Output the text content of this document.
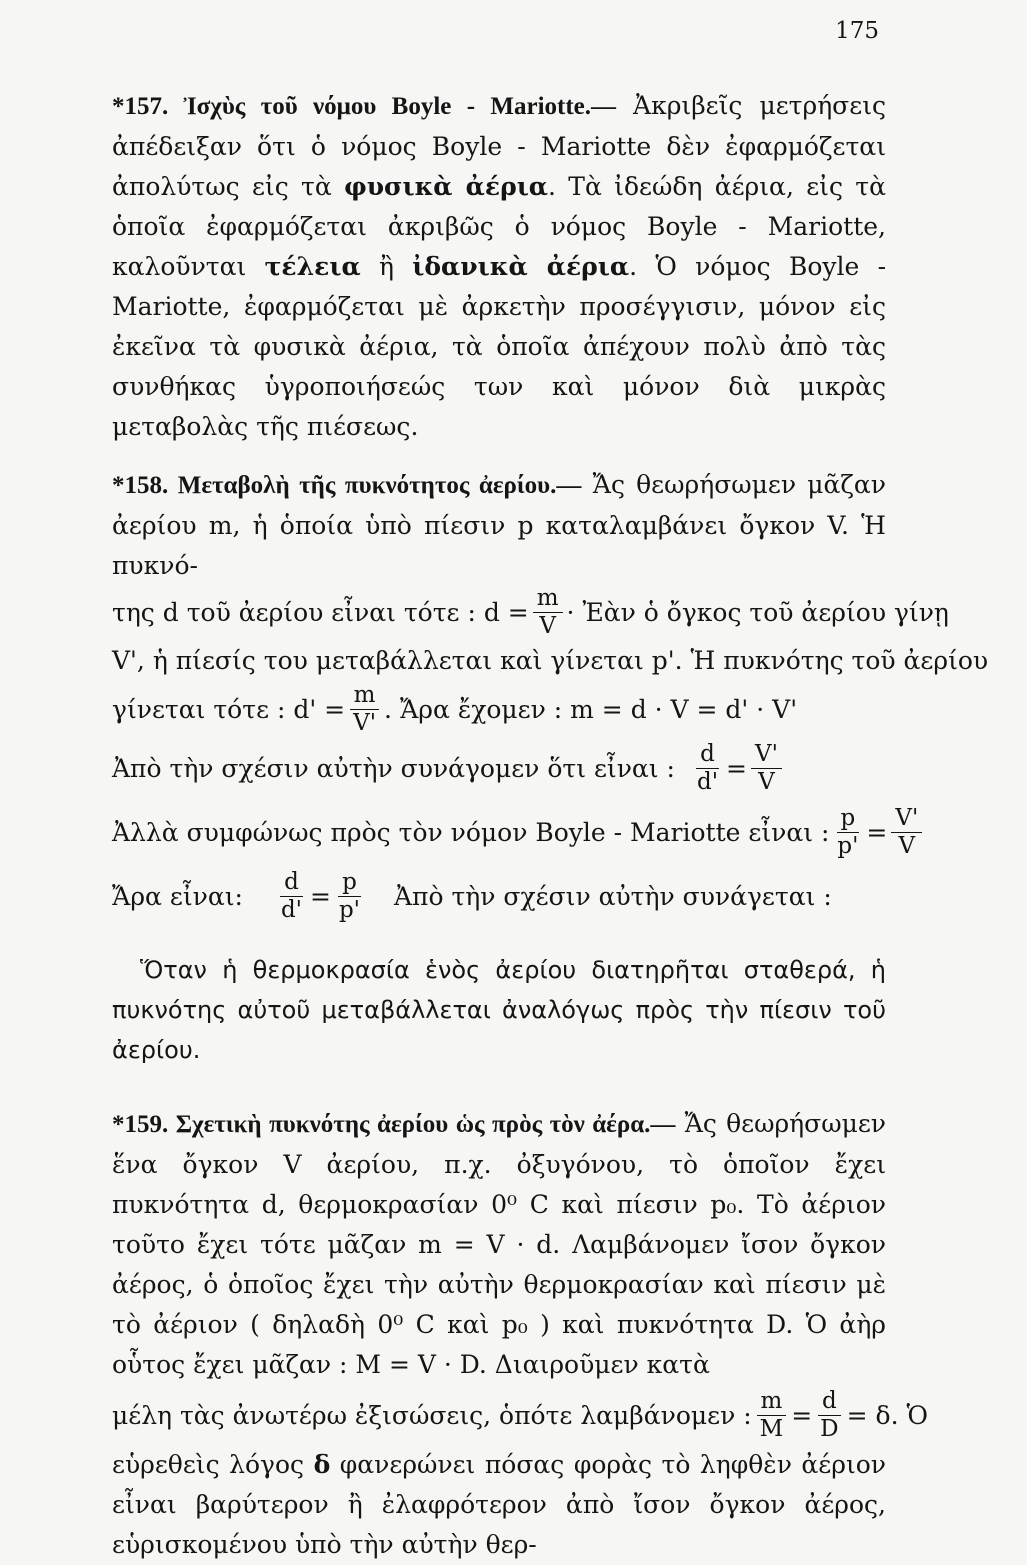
175

*157. Ἰσχὺς τοῦ νόμου Boyle - Mariotte.— Ἀκριβεῖς μετρήσεις ἀπέδειξαν ὅτι ὁ νόμος Boyle - Mariotte δὲν ἐφαρμόζεται ἀπολύτως εἰς τὰ φυσικὰ ἀέρια. Τὰ ἰδεώδη ἀέρια, εἰς τὰ ὁποῖα ἐφαρμόζεται ἀκριβῶς ὁ νόμος Boyle - Mariotte, καλοῦνται τέλεια ἢ ἰδανικὰ ἀέρια. Ὁ νόμος Boyle - Mariotte, ἐφαρμόζεται μὲ ἀρκετὴν προσέγγισιν, μόνον εἰς ἐκεῖνα τὰ φυσικὰ ἀέρια, τὰ ὁποῖα ἀπέχουν πολὺ ἀπὸ τὰς συνθήκας ὑγροποιήσεώς των καὶ μόνον διὰ μικρὰς μεταβολὰς τῆς πιέσεως.

*158. Μεταβολὴ τῆς πυκνότητος ἀερίου.— Ἄς θεωρήσωμεν μᾶζαν ἀερίου m, ἡ ὁποία ὑπὸ πίεσιν p καταλαμβάνει ὄγκον V. Ἡ πυκνό-

της d τοῦ ἀερίου εἶναι τότε : $d = \frac{m}{V}$ · Ἐὰν ὁ ὄγκος τοῦ ἀερίου γίνῃ
V', ἡ πίεσίς του μεταβάλλεται καὶ γίνεται p'. Ἡ πυκνότης τοῦ ἀερίου
γίνεται τότε : $d' = \frac{m}{V'}$ . Ἄρα ἔχομεν : m = d · V = d' · V'
Ἀπὸ τὴν σχέσιν αὐτὴν συνάγομεν ὅτι εἶναι : $\frac{d}{d'} = \frac{V'}{V}$
Ἀλλὰ συμφώνως πρὸς τὸν νόμον Boyle - Mariotte εἶναι : $\frac{p}{p'} = \frac{V'}{V}$
Ἄρα εἶναι: $\frac{d}{d'} = \frac{p}{p'}$ Ἀπὸ τὴν σχέσιν αὐτὴν συνάγεται :

Ὅταν ἡ θερμοκρασία ἑνὸς ἀερίου διατηρῆται σταθερά, ἡ πυκνότης αὐτοῦ μεταβάλλεται ἀναλόγως πρὸς τὴν πίεσιν τοῦ ἀερίου.

*159. Σχετικὴ πυκνότης ἀερίου ὡς πρὸς τὸν ἀέρα.— Ἄς θεωρήσωμεν ἕνα ὄγκον V ἀερίου, π.χ. ὀξυγόνου, τὸ ὁποῖον ἔχει πυκνότητα d, θερμοκρασίαν 0⁰ C καὶ πίεσιν p₀. Τὸ ἀέριον τοῦτο ἔχει τότε μᾶζαν m = V · d. Λαμβάνομεν ἴσον ὄγκον ἀέρος, ὁ ὁποῖος ἔχει τὴν αὐτὴν θερμοκρασίαν καὶ πίεσιν μὲ τὸ ἀέριον ( δηλαδὴ 0⁰ C καὶ p₀ ) καὶ πυκνότητα D. Ὁ ἀὴρ οὗτος ἔχει μᾶζαν : M = V · D. Διαιροῦμεν κατὰ

μέλη τὰς ἀνωτέρω ἐξισώσεις, ὁπότε λαμβάνομεν : $\frac{m}{M} = \frac{d}{D} = \delta$. Ὁ

εὑρεθεὶς λόγος δ φανερώνει πόσας φορὰς τὸ ληφθὲν ἀέριον εἶναι βαρύτερον ἢ ἐλαφρότερον ἀπὸ ἴσον ὄγκον ἀέρος, εὑρισκομένου ὑπὸ τὴν αὐτὴν θερ-
